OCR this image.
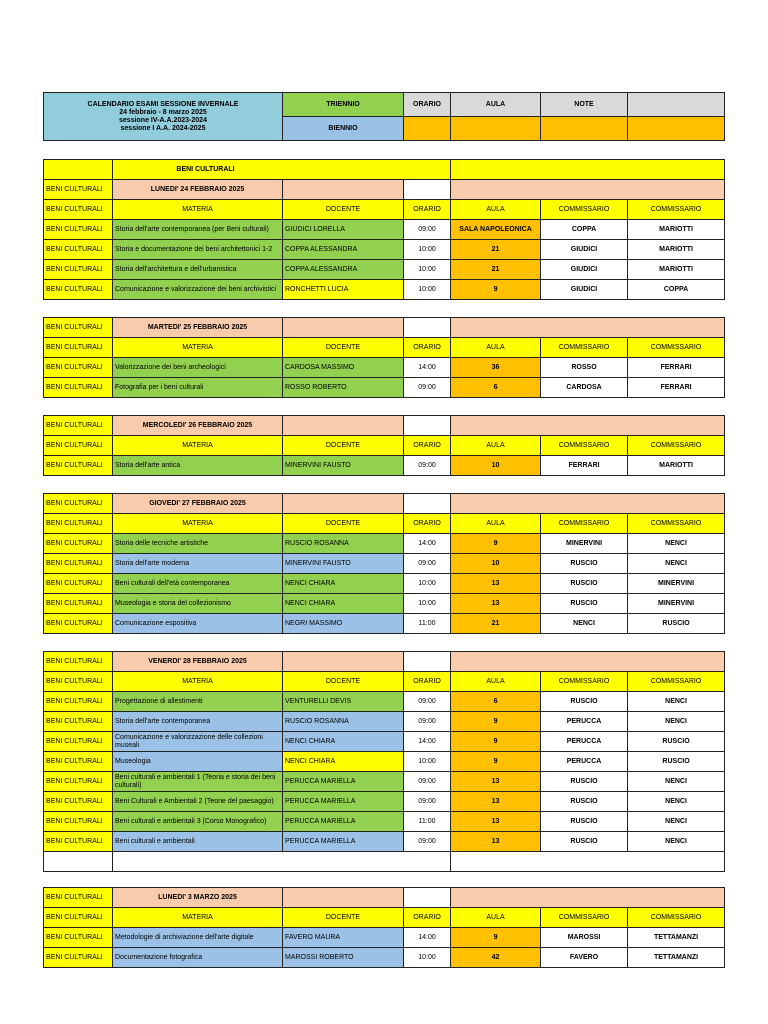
CALENDARIO ESAMI SESSIONE INVERNALE
24 febbraio - 8 marzo 2025
sessione IV-A.A.2023-2024
sessione I A.A. 2024-2025	TRIENNIO	ORARIO	AULA	NOTE	
	BIENNIO				
	BENI CULTURALI					
BENI CULTURALI	LUNEDI' 24 FEBBRAIO 2025					
BENI CULTURALI	MATERIA	DOCENTE	ORARIO	AULA	COMMISSARIO	COMMISSARIO
BENI CULTURALI	Storia dell'arte contemporanea (per Beni culturali)	GIUDICI LORELLA	09:00	SALA NAPOLEONICA	COPPA	MARIOTTI
BENI CULTURALI	Storia e documentazione dei beni architettonici 1-2	COPPA ALESSANDRA	10:00	21	GIUDICI	MARIOTTI
BENI CULTURALI	Storia dell'architettura e dell'urbanistica	COPPA ALESSANDRA	10:00	21	GIUDICI	MARIOTTI
BENI CULTURALI	Comunicazione e valorizzazione dei beni archivistici	RONCHETTI LUCIA	10:00	9	GIUDICI	COPPA

BENI CULTURALI	MARTEDI' 25 FEBBRAIO 2025					
BENI CULTURALI	MATERIA	DOCENTE	ORARIO	AULA	COMMISSARIO	COMMISSARIO
BENI CULTURALI	Valorizzazione dei beni archeologici	CARDOSA MASSIMO	14:00	36	ROSSO	FERRARI
BENI CULTURALI	Fotografia per i beni culturali	ROSSO ROBERTO	09:00	6	CARDOSA	FERRARI

BENI CULTURALI	MERCOLEDI' 26 FEBBRAIO 2025					
BENI CULTURALI	MATERIA	DOCENTE	ORARIO	AULA	COMMISSARIO	COMMISSARIO
BENI CULTURALI	Storia dell'arte antica	MINERVINI FAUSTO	09:00	10	FERRARI	MARIOTTI

BENI CULTURALI	GIOVEDI' 27 FEBBRAIO 2025					
BENI CULTURALI	MATERIA	DOCENTE	ORARIO	AULA	COMMISSARIO	COMMISSARIO
BENI CULTURALI	Storia delle tecniche artistiche	RUSCIO ROSANNA	14:00	9	MINERVINI	NENCI
BENI CULTURALI	Storia dell'arte moderna	MINERVINI FAUSTO	09:00	10	RUSCIO	NENCI
BENI CULTURALI	Beni culturali dell'età contemporanea	NENCI CHIARA	10:00	13	RUSCIO	MINERVINI
BENI CULTURALI	Museologia e storia del collezionismo	NENCI CHIARA	10:00	13	RUSCIO	MINERVINI
BENI CULTURALI	Comunicazione espositiva	NEGRI MASSIMO	11:00	21	NENCI	RUSCIO

BENI CULTURALI	VENERDI' 28 FEBBRAIO 2025					
BENI CULTURALI	MATERIA	DOCENTE	ORARIO	AULA	COMMISSARIO	COMMISSARIO
BENI CULTURALI	Progettazione di allestimenti	VENTURELLI DEVIS	09:00	6	RUSCIO	NENCI
BENI CULTURALI	Storia dell'arte contemporanea	RUSCIO ROSANNA	09:00	9	PERUCCA	NENCI
BENI CULTURALI	Comunicazione e valorizzazione delle collezioni museali	NENCI CHIARA	14:00	9	PERUCCA	RUSCIO
BENI CULTURALI	Museologia	NENCI CHIARA	10:00	9	PERUCCA	RUSCIO
BENI CULTURALI	Beni culturali e ambientali 1 (Teoria e storia dei beni culturali)	PERUCCA MARIELLA	09:00	13	RUSCIO	NENCI
BENI CULTURALI	Beni Culturali e Ambientali 2 (Teorie del paesaggio)	PERUCCA MARIELLA	09:00	13	RUSCIO	NENCI
BENI CULTURALI	Beni culturali e ambientali 3 (Corso Monografico)	PERUCCA MARIELLA	11:00	13	RUSCIO	NENCI
BENI CULTURALI	Beni culturali e ambientali	PERUCCA MARIELLA	09:00	13	RUSCIO	NENCI

BENI CULTURALI	LUNEDI' 3 MARZO 2025					
BENI CULTURALI	MATERIA	DOCENTE	ORARIO	AULA	COMMISSARIO	COMMISSARIO
BENI CULTURALI	Metodologie di archiviazione dell'arte digitale	FAVERO MAURA	14:00	9	MAROSSI	TETTAMANZI
BENI CULTURALI	Documentazione fotografica	MAROSSI ROBERTO	10:00	42	FAVERO	TETTAMANZI
